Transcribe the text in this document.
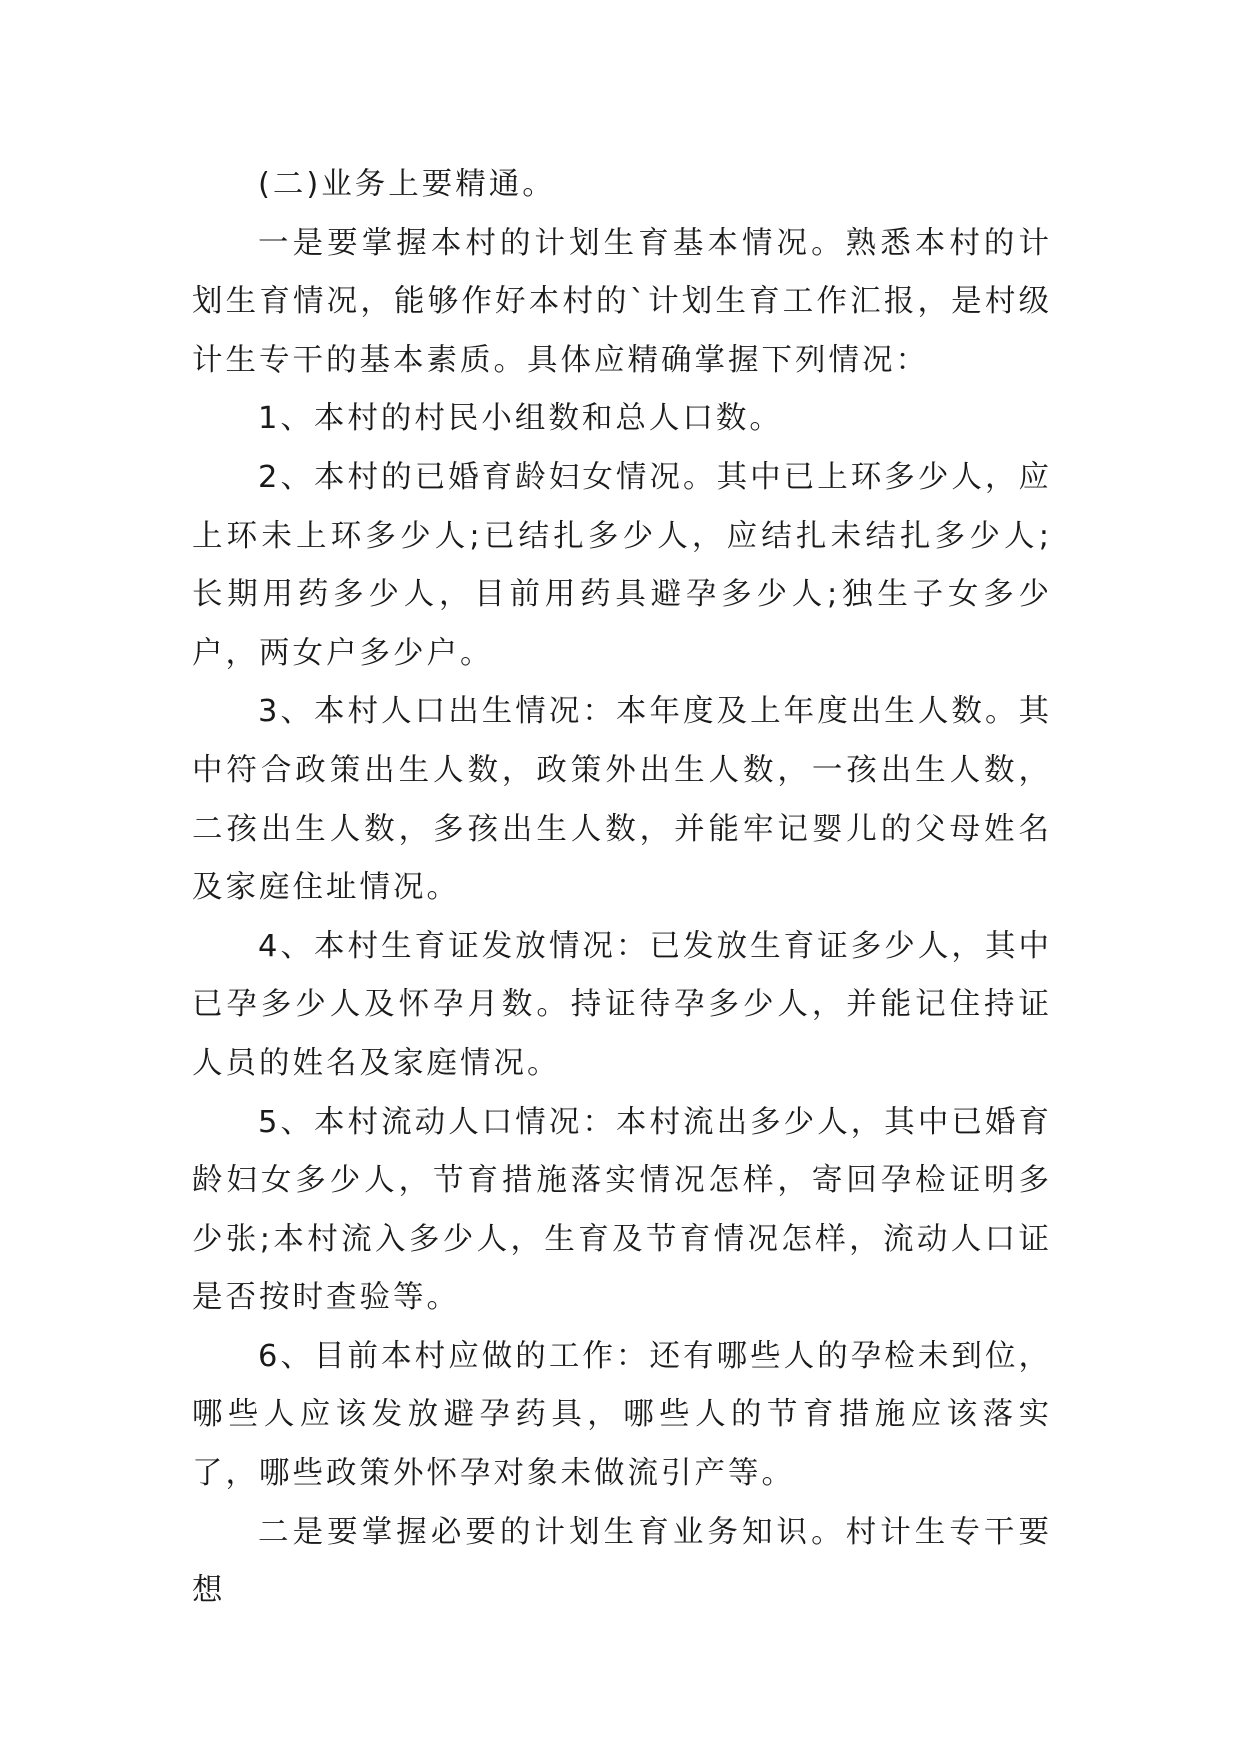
(二)业务上要精通。

一是要掌握本村的计划生育基本情况。熟悉本村的计划生育情况，能够作好本村的`计划生育工作汇报，是村级计生专干的基本素质。具体应精确掌握下列情况：

1、本村的村民小组数和总人口数。

2、本村的已婚育龄妇女情况。其中已上环多少人，应上环未上环多少人;已结扎多少人，应结扎未结扎多少人;长期用药多少人，目前用药具避孕多少人;独生子女多少户，两女户多少户。

3、本村人口出生情况：本年度及上年度出生人数。其中符合政策出生人数，政策外出生人数，一孩出生人数，二孩出生人数，多孩出生人数，并能牢记婴儿的父母姓名及家庭住址情况。

4、本村生育证发放情况：已发放生育证多少人，其中已孕多少人及怀孕月数。持证待孕多少人，并能记住持证人员的姓名及家庭情况。

5、本村流动人口情况：本村流出多少人，其中已婚育龄妇女多少人，节育措施落实情况怎样，寄回孕检证明多少张;本村流入多少人，生育及节育情况怎样，流动人口证是否按时查验等。

6、目前本村应做的工作：还有哪些人的孕检未到位，哪些人应该发放避孕药具，哪些人的节育措施应该落实了，哪些政策外怀孕对象未做流引产等。

二是要掌握必要的计划生育业务知识。村计生专干要想
